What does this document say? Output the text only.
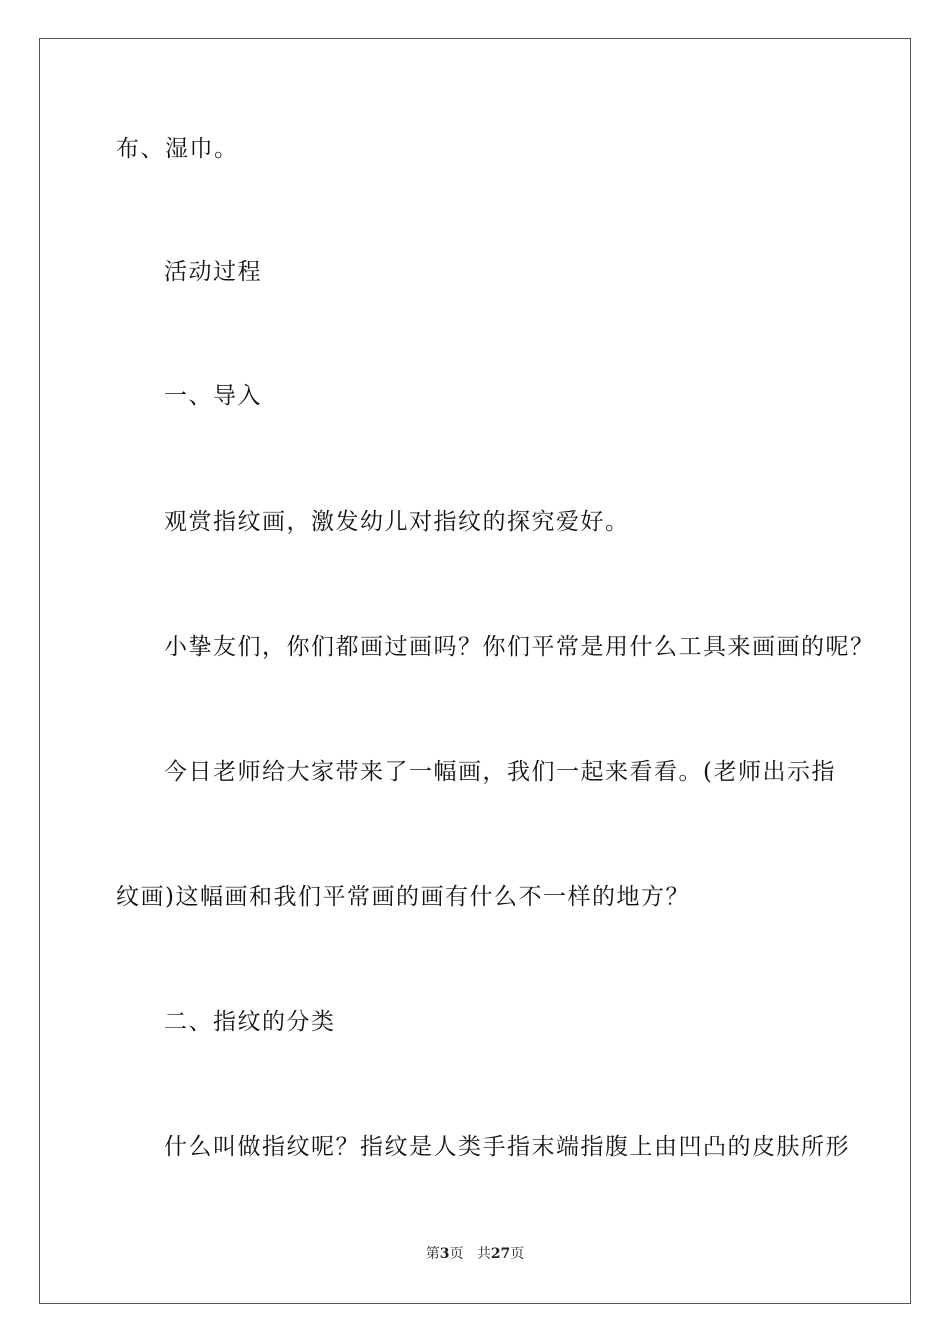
布、湿巾。

活动过程

一、导入

观赏指纹画，激发幼儿对指纹的探究爱好。

小挚友们，你们都画过画吗？你们平常是用什么工具来画画的呢？

今日老师给大家带来了一幅画，我们一起来看看。(老师出示指

纹画)这幅画和我们平常画的画有什么不一样的地方？

二、指纹的分类

什么叫做指纹呢？指纹是人类手指末端指腹上由凹凸的皮肤所形

第3页 共27页
